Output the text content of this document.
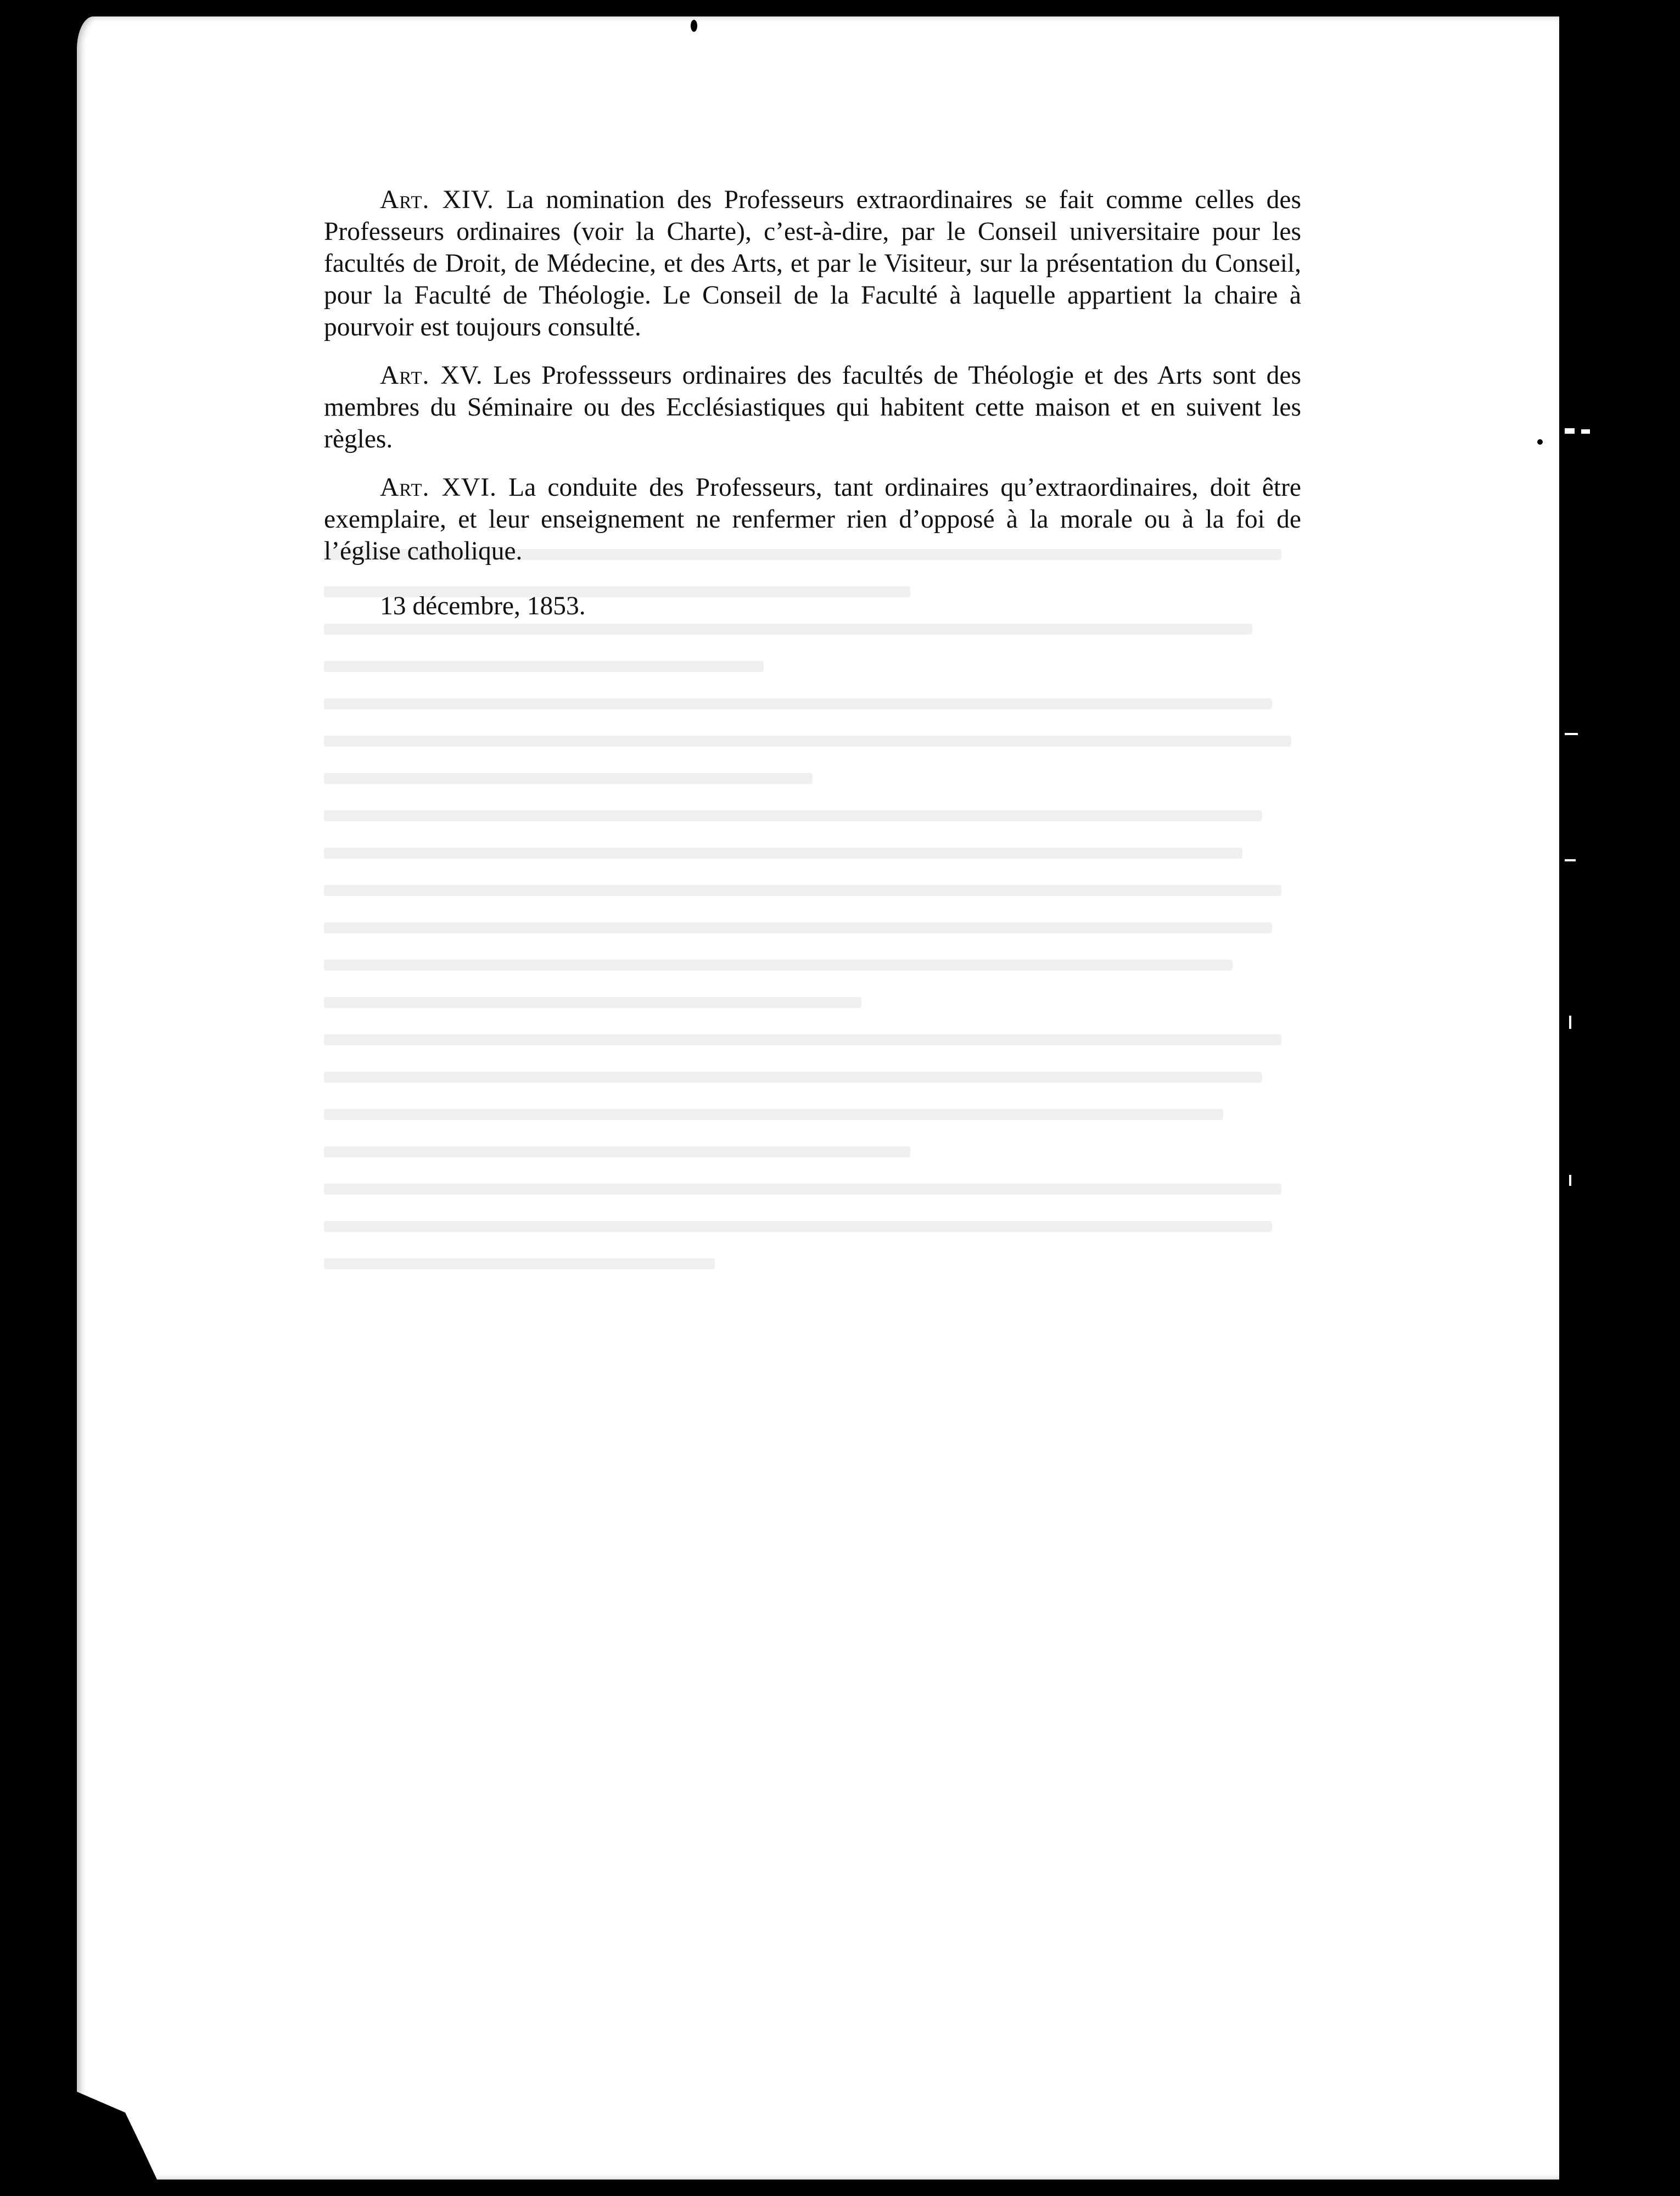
Art. XIV. La nomination des Professeurs extraordinaires se fait comme celles des Professeurs ordinaires (voir la Charte), c’est-à-dire, par le Conseil universitaire pour les facultés de Droit, de Médecine, et des Arts, et par le Visiteur, sur la présentation du Conseil, pour la Faculté de Théologie. Le Conseil de la Faculté à laquelle appartient la chaire à pourvoir est toujours consulté.

Art. XV. Les Professseurs ordinaires des facultés de Théologie et des Arts sont des membres du Séminaire ou des Ecclésiastiques qui habitent cette maison et en suivent les règles.

Art. XVI. La conduite des Professeurs, tant ordinaires qu’extraordinaires, doit être exemplaire, et leur enseignement ne renfermer rien d’opposé à la morale ou à la foi de l’église catholique.

13 décembre, 1853.
